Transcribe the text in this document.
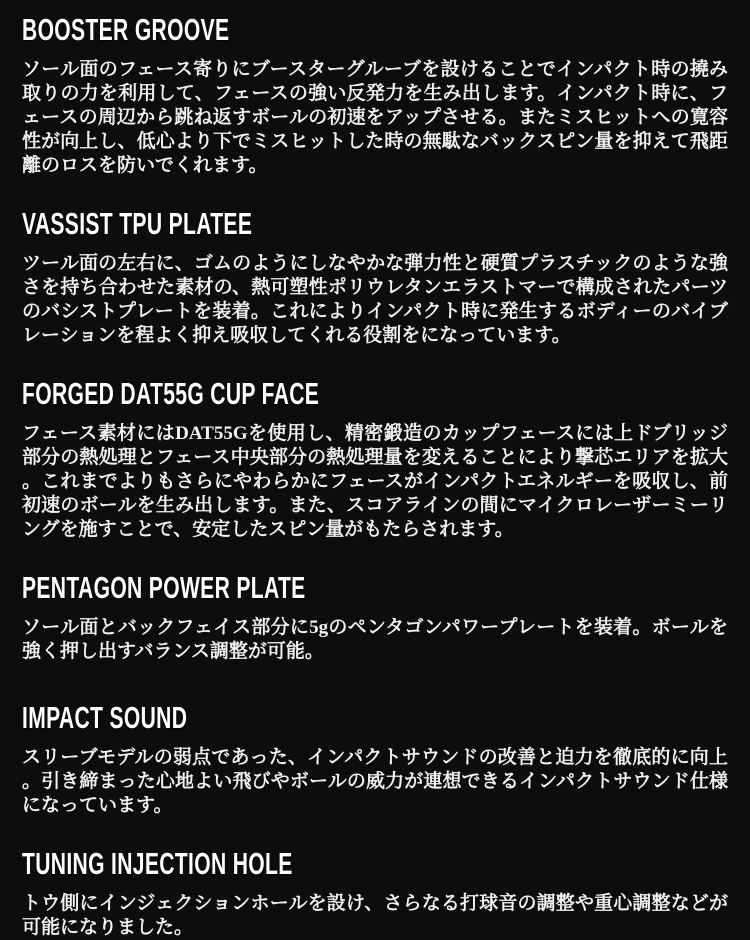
BOOSTER GROOVE

ソール面のフェース寄りにブースターグルーブを設けることでインパクト時の撓み取りの力を利用して、フェースの強い反発力を生み出します。インパクト時に、フェースの周辺から跳ね返すボールの初速をアップさせる。またミスヒットへの寛容性が向上し、低心より下でミスヒットした時の無駄なバックスピン量を抑えて飛距離のロスを防いでくれます。

VASSIST TPU PLATEE

ツール面の左右に、ゴムのようにしなやかな弾力性と硬質プラスチックのような強さを持ち合わせた素材の、熱可塑性ポリウレタンエラストマーで構成されたパーツのバシストプレートを装着。これによりインパクト時に発生するボディーのバイブレーションを程よく抑え吸収してくれる役割をになっています。

FORGED DAT55G CUP FACE

フェース素材にはDAT55Gを使用し、精密鍛造のカップフェースには上ドブリッジ部分の熱処理とフェース中央部分の熱処理量を変えることにより撃芯エリアを拡大。これまでよりもさらにやわらかにフェースがインパクトエネルギーを吸収し、前初速のボールを生み出します。また、スコアラインの間にマイクロレーザーミーリングを施すことで、安定したスピン量がもたらされます。

PENTAGON POWER PLATE

ソール面とバックフェイス部分に5gのペンタゴンパワープレートを装着。ボールを強く押し出すバランス調整が可能。

IMPACT SOUND

スリーブモデルの弱点であった、インパクトサウンドの改善と迫力を徹底的に向上。引き締まった心地よい飛びやボールの威力が連想できるインパクトサウンド仕様になっています。

TUNING INJECTION HOLE

トウ側にインジェクションホールを設け、さらなる打球音の調整や重心調整などが可能になりました。
